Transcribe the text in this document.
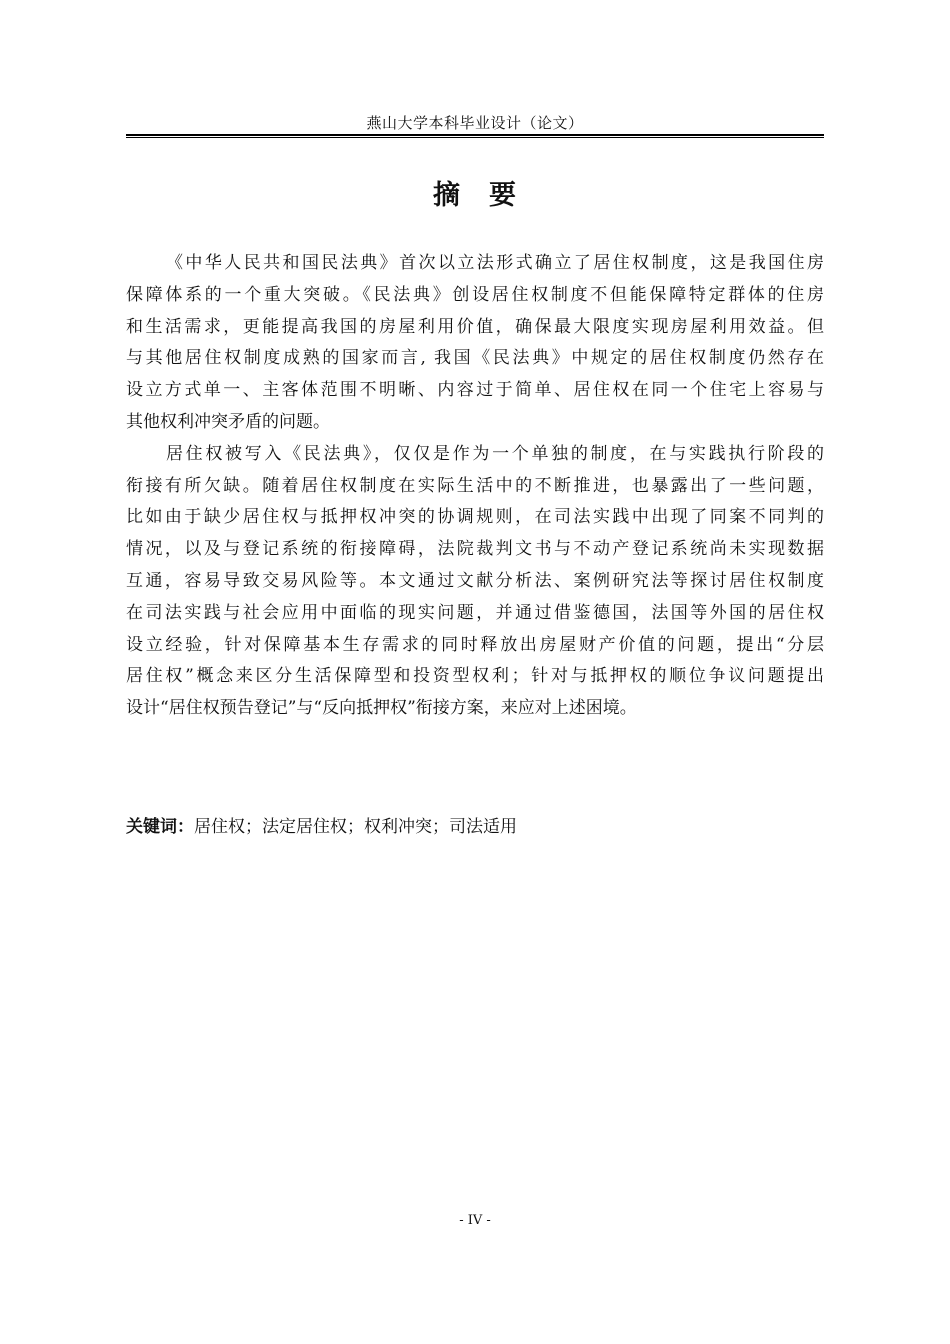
燕山大学本科毕业设计（论文）
摘　要
《中华人民共和国民法典》首次以立法形式确立了居住权制度，这是我国住房
保障体系的一个重大突破。《民法典》创设居住权制度不但能保障特定群体的住房
和生活需求，更能提高我国的房屋利用价值，确保最大限度实现房屋利用效益。但
与其他居住权制度成熟的国家而言, 我国《民法典》中规定的居住权制度仍然存在
设立方式单一、主客体范围不明晰、内容过于简单、居住权在同一个住宅上容易与
其他权利冲突矛盾的问题。
居住权被写入《民法典》，仅仅是作为一个单独的制度，在与实践执行阶段的
衔接有所欠缺。随着居住权制度在实际生活中的不断推进，也暴露出了一些问题，
比如由于缺少居住权与抵押权冲突的协调规则，在司法实践中出现了同案不同判的
情况，以及与登记系统的衔接障碍，法院裁判文书与不动产登记系统尚未实现数据
互通，容易导致交易风险等。本文通过文献分析法、案例研究法等探讨居住权制度
在司法实践与社会应用中面临的现实问题，并通过借鉴德国，法国等外国的居住权
设立经验，针对保障基本生存需求的同时释放出房屋财产价值的问题，提出“分层
居住权”概念来区分生活保障型和投资型权利；针对与抵押权的顺位争议问题提出
设计“居住权预告登记”与“反向抵押权”衔接方案，来应对上述困境。
关键词：居住权；法定居住权；权利冲突；司法适用
- IV -
